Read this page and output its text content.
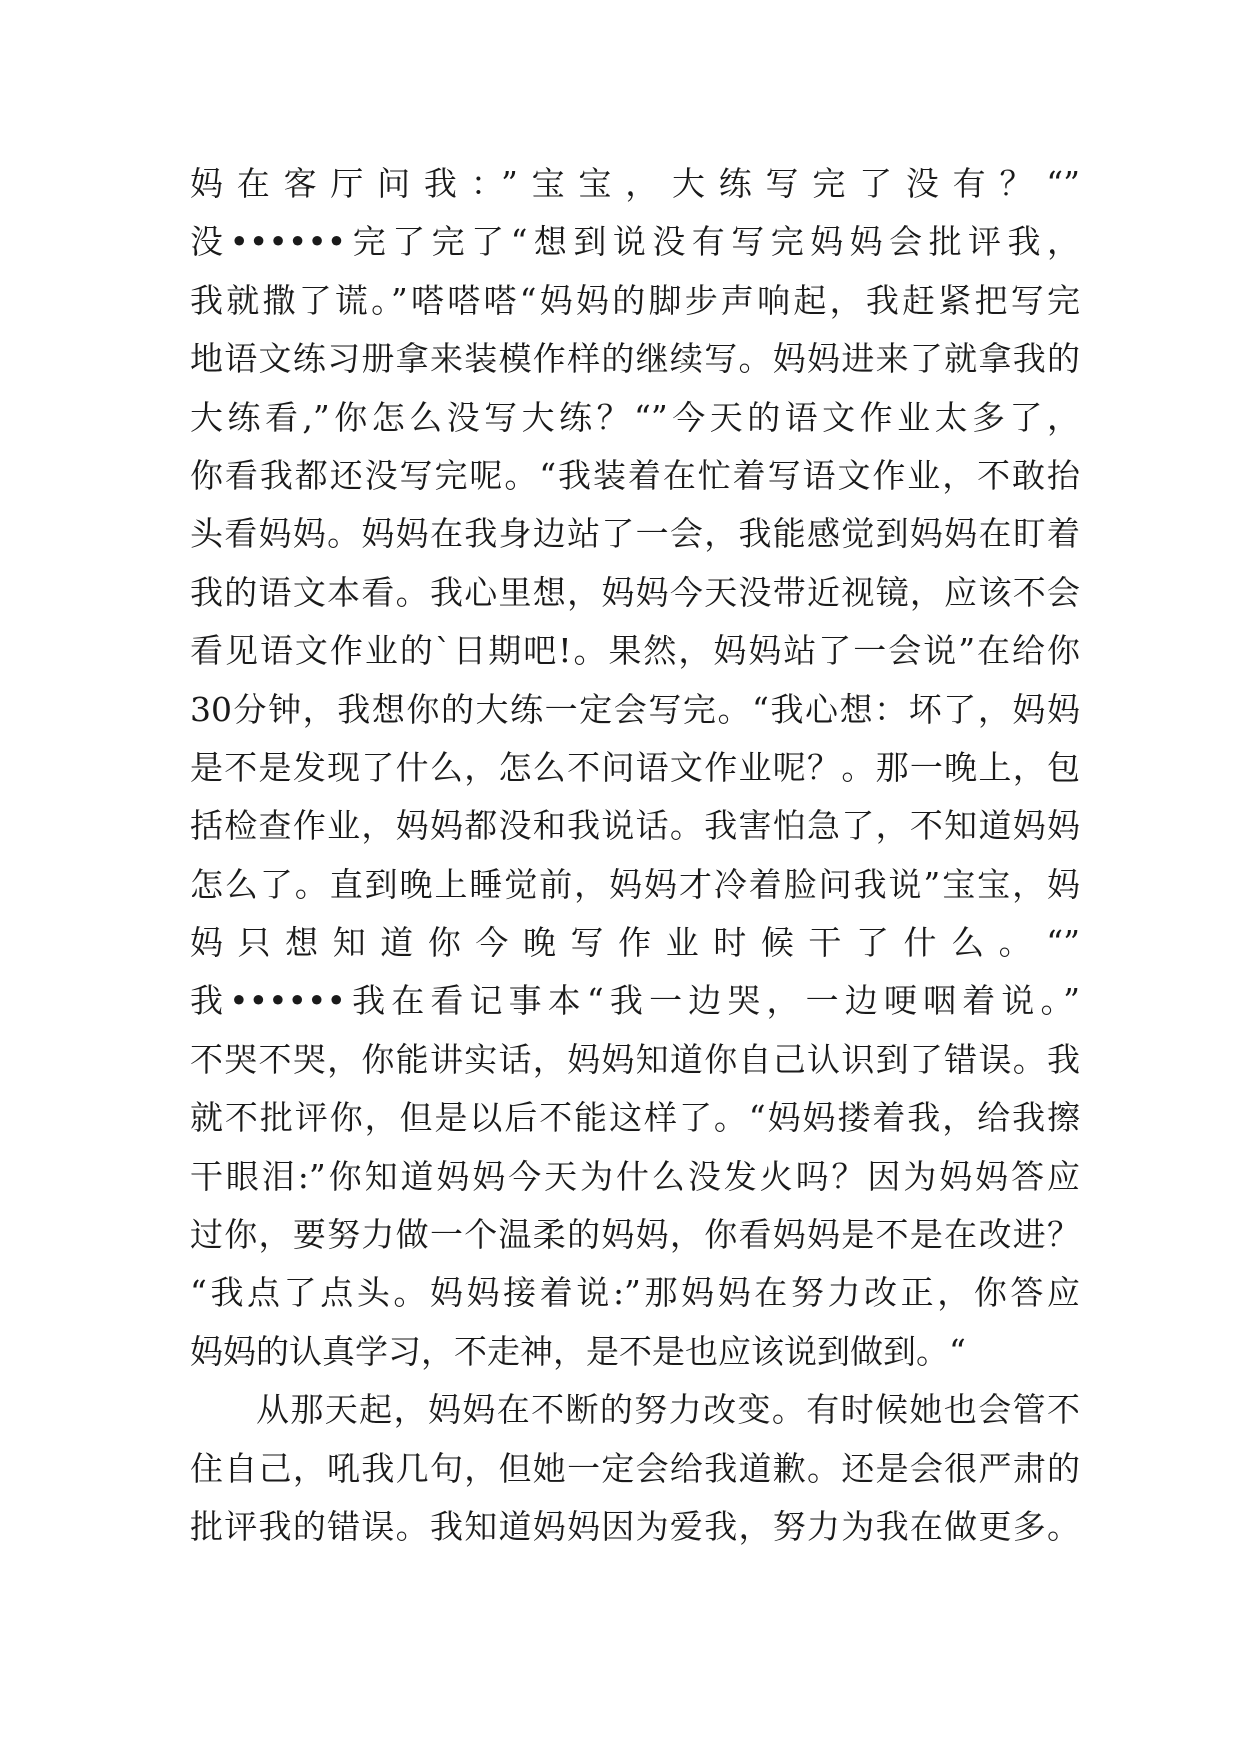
妈在客厅问我：”宝宝，大练写完了没有？“”
没••••••完了完了“想到说没有写完妈妈会批评我，
我就撒了谎。”嗒嗒嗒“妈妈的脚步声响起，我赶紧把写完
地语文练习册拿来装模作样的继续写。妈妈进来了就拿我的
大练看,”你怎么没写大练？“”今天的语文作业太多了，
你看我都还没写完呢。“我装着在忙着写语文作业，不敢抬
头看妈妈。妈妈在我身边站了一会，我能感觉到妈妈在盯着
我的语文本看。我心里想，妈妈今天没带近视镜，应该不会
看见语文作业的`日期吧!。果然，妈妈站了一会说”在给你
30分钟，我想你的大练一定会写完。“我心想：坏了，妈妈
是不是发现了什么，怎么不问语文作业呢？。那一晚上，包
括检查作业，妈妈都没和我说话。我害怕急了，不知道妈妈
怎么了。直到晚上睡觉前，妈妈才冷着脸问我说”宝宝，妈
妈只想知道你今晚写作业时候干了什么。“”
我••••••我在看记事本“我一边哭，一边哽咽着说。”
不哭不哭，你能讲实话，妈妈知道你自己认识到了错误。我
就不批评你，但是以后不能这样了。“妈妈搂着我，给我擦
干眼泪:”你知道妈妈今天为什么没发火吗？因为妈妈答应
过你，要努力做一个温柔的妈妈，你看妈妈是不是在改进？
“我点了点头。妈妈接着说:”那妈妈在努力改正，你答应
妈妈的认真学习，不走神，是不是也应该说到做到。“
从那天起，妈妈在不断的努力改变。有时候她也会管不
住自己，吼我几句，但她一定会给我道歉。还是会很严肃的
批评我的错误。我知道妈妈因为爱我，努力为我在做更多。
